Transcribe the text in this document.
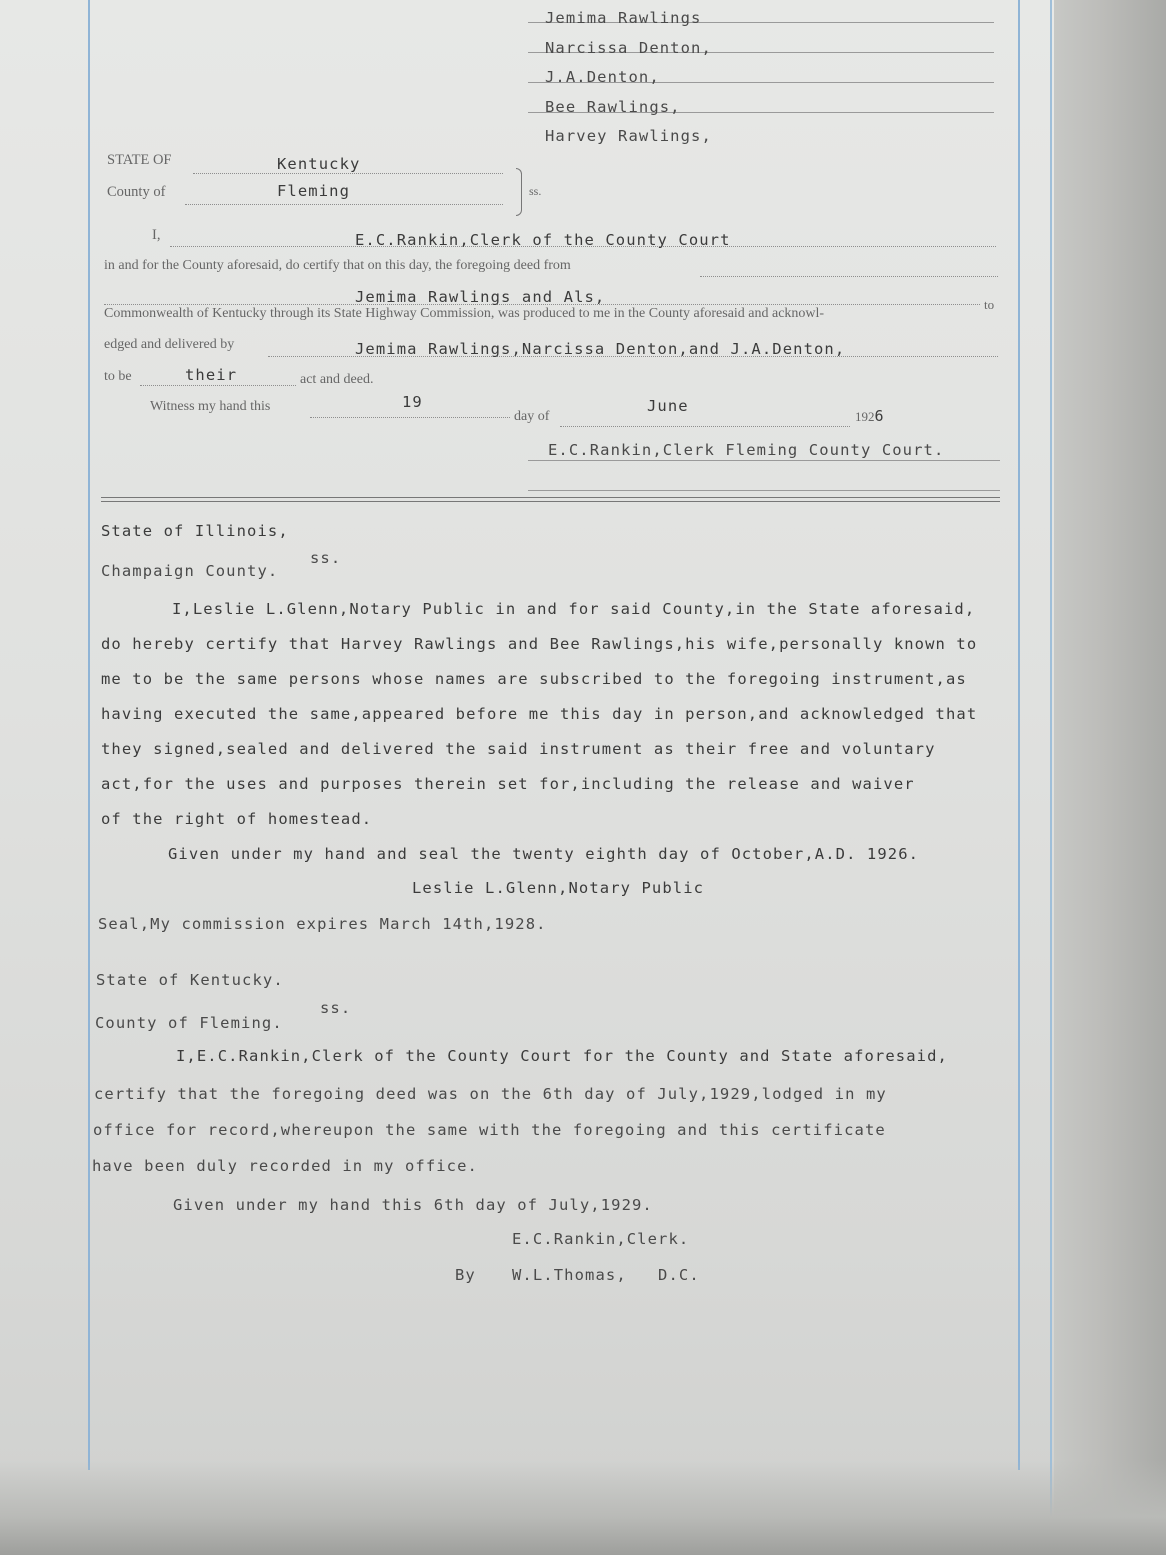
Jemima Rawlings
Narcissa Denton,
J.A.Denton,
Bee Rawlings,
Harvey Rawlings,
STATE OF	Kentucky
County of	Fleming	ss.
I,	E.C.Rankin,Clerk of the County Court
in and for the County aforesaid, do certify that on this day, the foregoing deed from
Jemima Rawlings and Als,	to
Commonwealth of Kentucky through its State Highway Commission, was produced to me in the County aforesaid and acknowl-
edged and delivered by	Jemima Rawlings,Narcissa Denton,and J.A.Denton,
to be	their	act and deed.
Witness my hand this	19
day of
June
1926
E.C.Rankin,Clerk Fleming County Court.
State of Illinois,
ss.
Champaign County.
I,Leslie L.Glenn,Notary Public in and for said County,in the State aforesaid,
do hereby certify that Harvey Rawlings and Bee Rawlings,his wife,personally known to
me to be the same persons whose names are subscribed to the foregoing instrument,as
having executed the same,appeared before me this day in person,and acknowledged that
they signed,sealed and delivered the said instrument as their free and voluntary
act,for the uses and purposes therein set for,including the release and waiver
of the right of homestead.
Given under my hand and seal the twenty eighth day of October,A.D. 1926.
Leslie L.Glenn,Notary Public
Seal,My commission expires March 14th,1928.
State of Kentucky.
ss.
County of Fleming.
I,E.C.Rankin,Clerk of the County Court for the County and State aforesaid,
certify that the foregoing deed was on the 6th day of July,1929,lodged in my
office for record,whereupon the same with the foregoing and this certificate
have been duly recorded in my office.
Given under my hand this 6th day of July,1929.
E.C.Rankin,Clerk.
By W.L.Thomas,   D.C.
